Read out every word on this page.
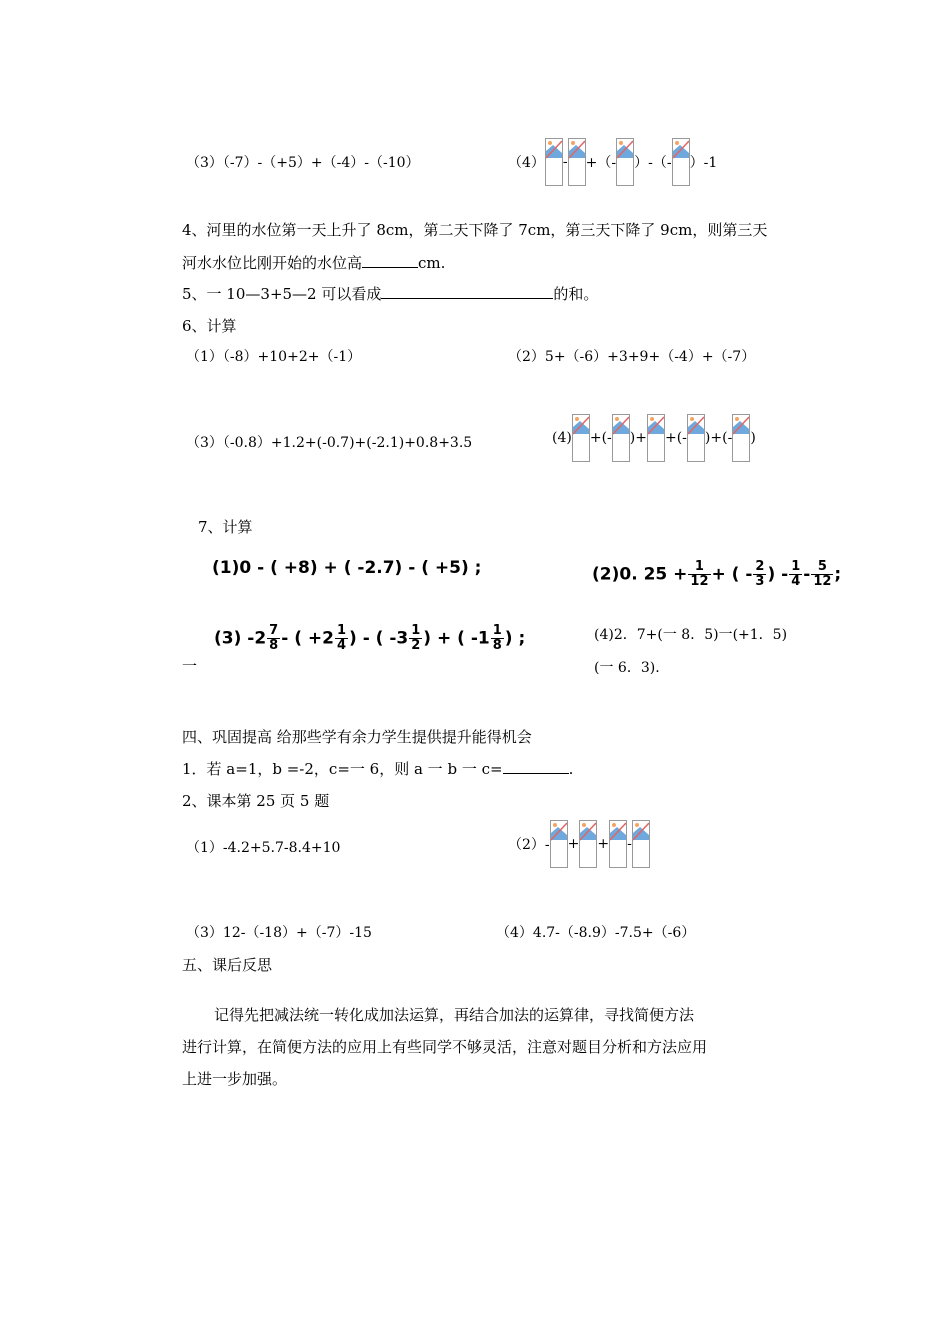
（3）（-7）-（+5）+（-4）-（-10）	（4） - +（- ）-（- ）-1
4、河里的水位第一天上升了 8cm，第二天下降了 7cm，第三天下降了 9cm，则第三天
河水水位比刚开始的水位高	cm.
5、一 10—3+5—2 可以看成	的和。
6、计算
（1）（-8）+10+2+（-1）	（2）5+（-6）+3+9+（-4）+（-7）
（3）（-0.8）+1.2+(-0.7)+(-2.1)+0.8+3.5	(4) +(- )+ +(- )+(- )
7、计算
(1)0 - ( +8) + ( -2.7) - ( +5) ;	(2)0. $25 + \frac{1}{12}$ + ( - $\frac{2}{3}$ ) - $\frac{1}{4} - \frac{5}{12}$ ;
一
(3) $-2 \frac{7}{8}$ - ( $+2 \frac{1}{4}$ ) - ( $-3 \frac{1}{2}$ ) + ( $-1 \frac{1}{8}$ ) ;	(4)2．7+(一 8．5)一(+1．5)
(一 6．3).
四、巩固提高 给那些学有余力学生提供提升能得机会
1．若 a=1，b =-2，c=一 6，则 a 一 b 一 c=	.
2、课本第 25 页 5 题
（1）-4.2+5.7-8.4+10	（2）- + + -
（3）12-（-18）+（-7）-15	（4）4.7-（-8.9）-7.5+（-6）
五、课后反思
记得先把减法统一转化成加法运算，再结合加法的运算律，寻找简便方法
进行计算，在简便方法的应用上有些同学不够灵活，注意对题目分析和方法应用
上进一步加强。
